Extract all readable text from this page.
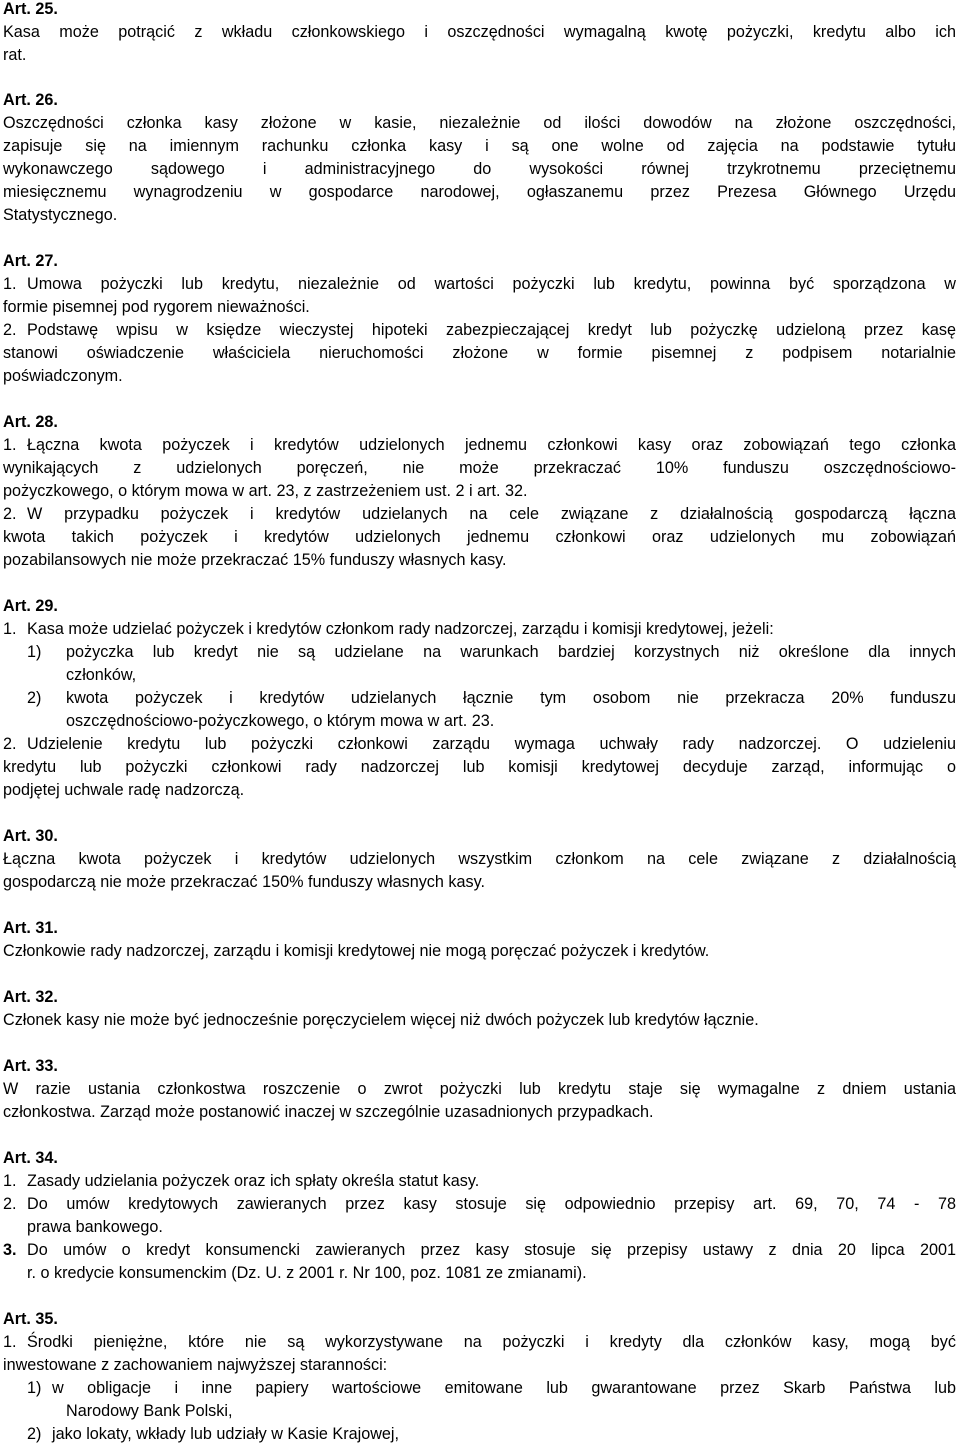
Art. 25.
Kasa może potrącić z wkładu członkowskiego i oszczędności wymagalną kwotę pożyczki, kredytu albo ich
rat.
Art. 26.
Oszczędności członka kasy złożone w kasie, niezależnie od ilości dowodów na złożone oszczędności,
zapisuje się na imiennym rachunku członka kasy i są one wolne od zajęcia na podstawie tytułu
wykonawczego sądowego i administracyjnego do wysokości równej trzykrotnemu przeciętnemu
miesięcznemu wynagrodzeniu w gospodarce narodowej, ogłaszanemu przez Prezesa Głównego Urzędu
Statystycznego.
Art. 27.
1. Umowa pożyczki lub kredytu, niezależnie od wartości pożyczki lub kredytu, powinna być sporządzona w
formie pisemnej pod rygorem nieważności.
2. Podstawę wpisu w księdze wieczystej hipoteki zabezpieczającej kredyt lub pożyczkę udzieloną przez kasę
stanowi oświadczenie właściciela nieruchomości złożone w formie pisemnej z podpisem notarialnie
poświadczonym.
Art. 28.
1. Łączna kwota pożyczek i kredytów udzielonych jednemu członkowi kasy oraz zobowiązań tego członka
wynikających z udzielonych poręczeń, nie może przekraczać 10% funduszu oszczędnościowo-
pożyczkowego, o którym mowa w art. 23, z zastrzeżeniem ust. 2 i art. 32.
2. W przypadku pożyczek i kredytów udzielanych na cele związane z działalnością gospodarczą łączna
kwota takich pożyczek i kredytów udzielonych jednemu członkowi oraz udzielonych mu zobowiązań
pozabilansowych nie może przekraczać 15% funduszy własnych kasy.
Art. 29.
1. Kasa może udzielać pożyczek i kredytów członkom rady nadzorczej, zarządu i komisji kredytowej, jeżeli:
1)	pożyczka lub kredyt nie są udzielane na warunkach bardziej korzystnych niż określone dla innych
członków,
2)	kwota pożyczek i kredytów udzielanych łącznie tym osobom nie przekracza 20% funduszu
oszczędnościowo-pożyczkowego, o którym mowa w art. 23.
2. Udzielenie kredytu lub pożyczki członkowi zarządu wymaga uchwały rady nadzorczej. O udzieleniu
kredytu lub pożyczki członkowi rady nadzorczej lub komisji kredytowej decyduje zarząd, informując o
podjętej uchwale radę nadzorczą.
Art. 30.
Łączna kwota pożyczek i kredytów udzielonych wszystkim członkom na cele związane z działalnością
gospodarczą nie może przekraczać 150% funduszy własnych kasy.
Art. 31.
Członkowie rady nadzorczej, zarządu i komisji kredytowej nie mogą poręczać pożyczek i kredytów.
Art. 32.
Członek kasy nie może być jednocześnie poręczycielem więcej niż dwóch pożyczek lub kredytów łącznie.
Art. 33.
W razie ustania członkostwa roszczenie o zwrot pożyczki lub kredytu staje się wymagalne z dniem ustania
członkostwa. Zarząd może postanowić inaczej w szczególnie uzasadnionych przypadkach.
Art. 34.
1. Zasady udzielania pożyczek oraz ich spłaty określa statut kasy.
2. Do umów kredytowych zawieranych przez kasy stosuje się odpowiednio przepisy art. 69, 70, 74 - 78
prawa bankowego.
3. Do umów o kredyt konsumencki zawieranych przez kasy stosuje się przepisy ustawy z dnia 20 lipca 2001
r. o kredycie konsumenckim (Dz. U. z 2001 r. Nr 100, poz. 1081 ze zmianami).
Art. 35.
1. Środki pieniężne, które nie są wykorzystywane na pożyczki i kredyty dla członków kasy, mogą być
inwestowane z zachowaniem najwyższej staranności:
1) w obligacje i inne papiery wartościowe emitowane lub gwarantowane przez Skarb Państwa lub
Narodowy Bank Polski,
2) jako lokaty, wkłady lub udziały w Kasie Krajowej,
